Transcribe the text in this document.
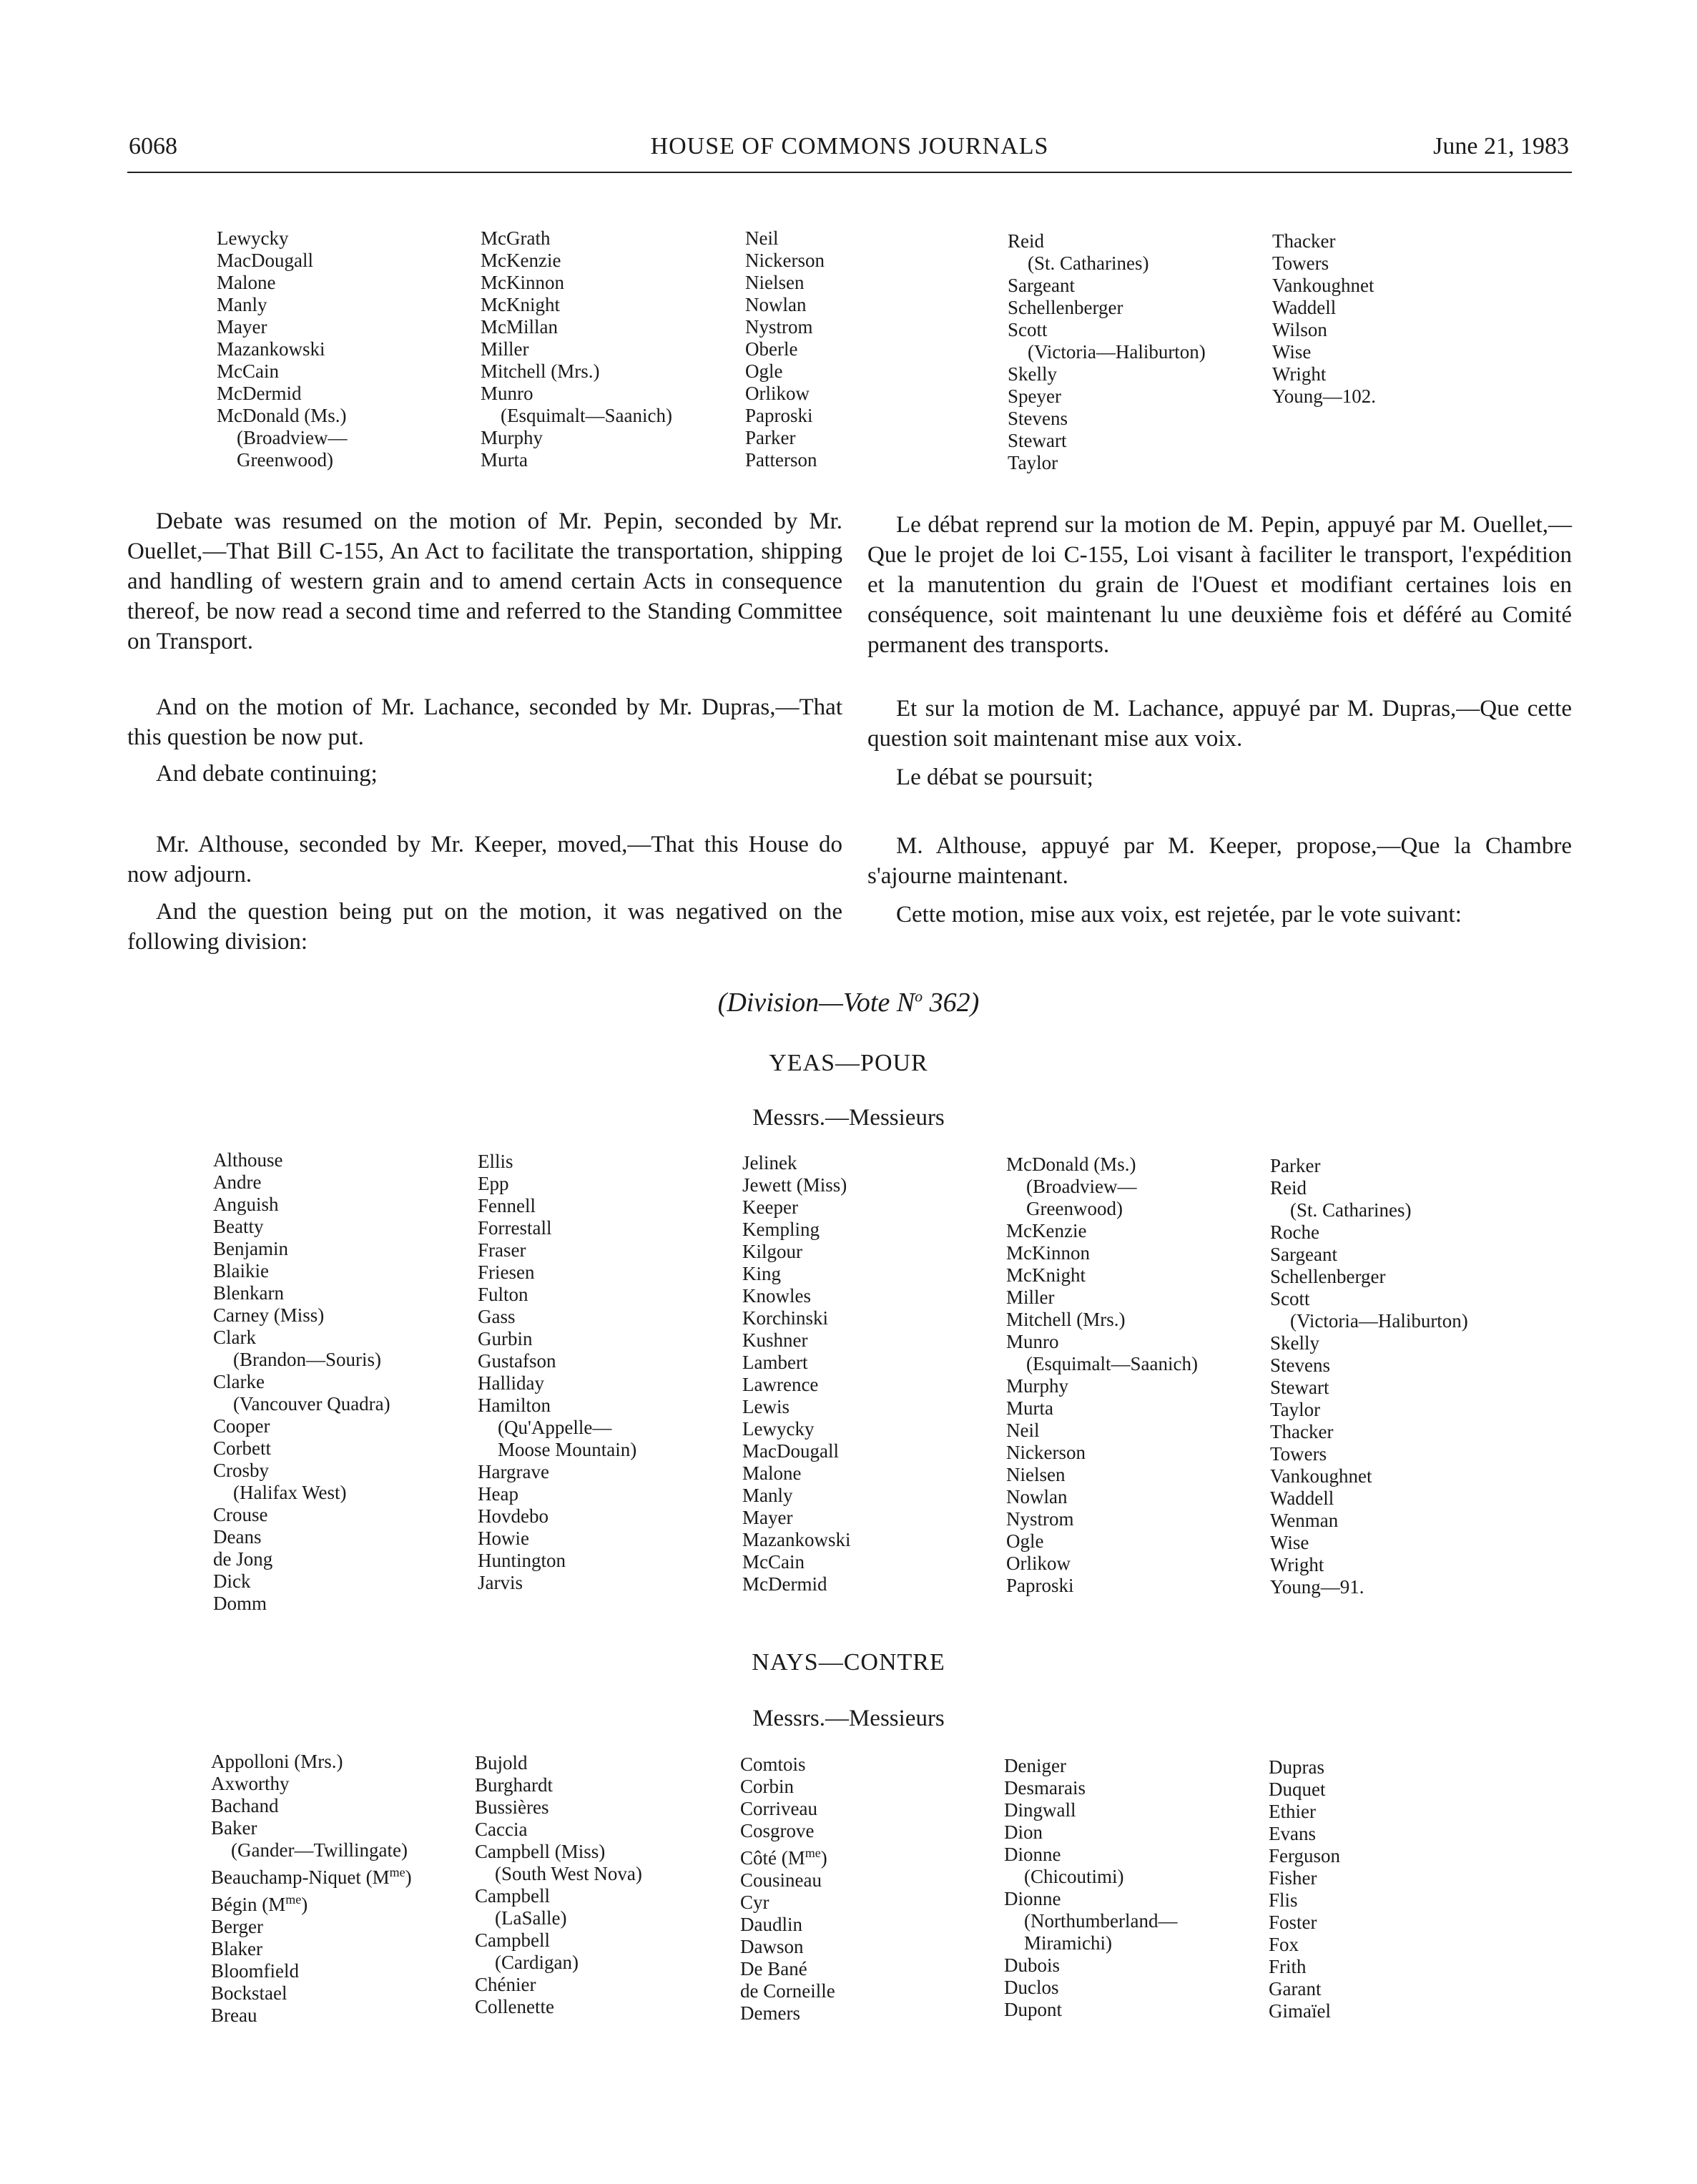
6068	HOUSE OF COMMONS JOURNALS	June 21, 1983
Lewycky
MacDougall
Malone
Manly
Mayer
Mazankowski
McCain
McDermid
McDonald (Ms.)
(Broadview—
Greenwood)
McGrath
McKenzie
McKinnon
McKnight
McMillan
Miller
Mitchell (Mrs.)
Munro
(Esquimalt—Saanich)
Murphy
Murta
Neil
Nickerson
Nielsen
Nowlan
Nystrom
Oberle
Ogle
Orlikow
Paproski
Parker
Patterson
Reid
(St. Catharines)
Sargeant
Schellenberger
Scott
(Victoria—Haliburton)
Skelly
Speyer
Stevens
Stewart
Taylor
Thacker
Towers
Vankoughnet
Waddell
Wilson
Wise
Wright
Young—102.
Debate was resumed on the motion of Mr. Pepin, seconded by Mr. Ouellet,—That Bill C-155, An Act to facilitate the transportation, shipping and handling of western grain and to amend certain Acts in consequence thereof, be now read a second time and referred to the Standing Committee on Transport.
And on the motion of Mr. Lachance, seconded by Mr. Dupras,—That this question be now put.
And debate continuing;
Mr. Althouse, seconded by Mr. Keeper, moved,—That this House do now adjourn.
And the question being put on the motion, it was negatived on the following division:
Le débat reprend sur la motion de M. Pepin, appuyé par M. Ouellet,—Que le projet de loi C-155, Loi visant à faciliter le transport, l'expédition et la manutention du grain de l'Ouest et modifiant certaines lois en conséquence, soit maintenant lu une deuxième fois et déféré au Comité permanent des transports.
Et sur la motion de M. Lachance, appuyé par M. Dupras,—Que cette question soit maintenant mise aux voix.
Le débat se poursuit;
M. Althouse, appuyé par M. Keeper, propose,—Que la Chambre s'ajourne maintenant.
Cette motion, mise aux voix, est rejetée, par le vote suivant:
(Division—Vote $N^o$ 362)
YEAS—POUR
Messrs.—Messieurs
Althouse
Andre
Anguish
Beatty
Benjamin
Blaikie
Blenkarn
Carney (Miss)
Clark
(Brandon—Souris)
Clarke
(Vancouver Quadra)
Cooper
Corbett
Crosby
(Halifax West)
Crouse
Deans
de Jong
Dick
Domm
Ellis
Epp
Fennell
Forrestall
Fraser
Friesen
Fulton
Gass
Gurbin
Gustafson
Halliday
Hamilton
(Qu'Appelle—
Moose Mountain)
Hargrave
Heap
Hovdebo
Howie
Huntington
Jarvis
Jelinek
Jewett (Miss)
Keeper
Kempling
Kilgour
King
Knowles
Korchinski
Kushner
Lambert
Lawrence
Lewis
Lewycky
MacDougall
Malone
Manly
Mayer
Mazankowski
McCain
McDermid
McDonald (Ms.)
(Broadview—
Greenwood)
McKenzie
McKinnon
McKnight
Miller
Mitchell (Mrs.)
Munro
(Esquimalt—Saanich)
Murphy
Murta
Neil
Nickerson
Nielsen
Nowlan
Nystrom
Ogle
Orlikow
Paproski
Parker
Reid
(St. Catharines)
Roche
Sargeant
Schellenberger
Scott
(Victoria—Haliburton)
Skelly
Stevens
Stewart
Taylor
Thacker
Towers
Vankoughnet
Waddell
Wenman
Wise
Wright
Young—91.
NAYS—CONTRE
Messrs.—Messieurs
Appolloni (Mrs.)
Axworthy
Bachand
Baker
(Gander—Twillingate)
Beauchamp-Niquet $(M^{me})$
Bégin $(M^{me})$
Berger
Blaker
Bloomfield
Bockstael
Breau
Bujold
Burghardt
Bussières
Caccia
Campbell (Miss)
(South West Nova)
Campbell
(LaSalle)
Campbell
(Cardigan)
Chénier
Collenette
Comtois
Corbin
Corriveau
Cosgrove
Côté $(M^{me})$
Cousineau
Cyr
Daudlin
Dawson
De Bané
de Corneille
Demers
Deniger
Desmarais
Dingwall
Dion
Dionne
(Chicoutimi)
Dionne
(Northumberland—
Miramichi)
Dubois
Duclos
Dupont
Dupras
Duquet
Ethier
Evans
Ferguson
Fisher
Flis
Foster
Fox
Frith
Garant
Gimaïel
